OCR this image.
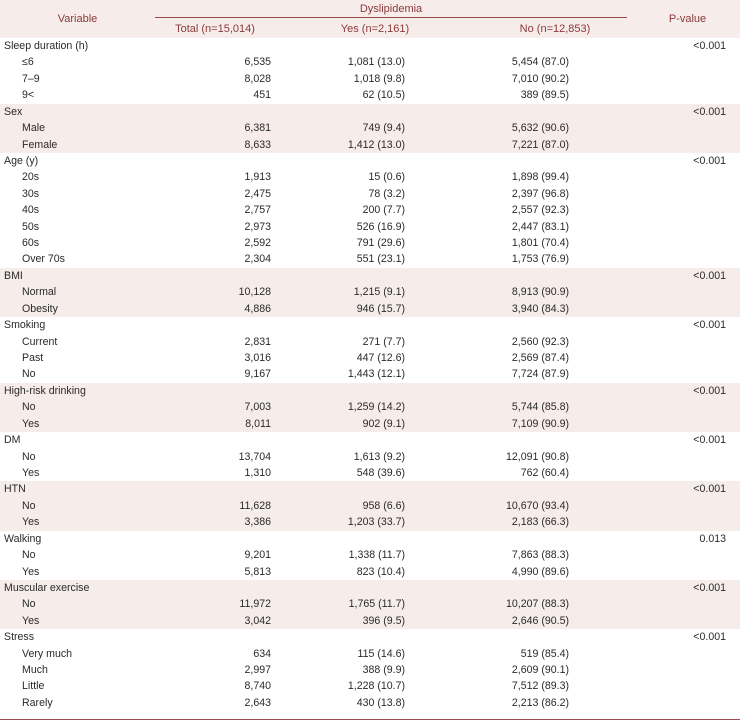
Variable	Dyslipidemia			P-value
	Total (n=15,014)	Yes (n=2,161)	No (n=12,853)	
Sleep duration (h)				<0.001
≤6	6,535	1,081 (13.0)	5,454 (87.0)	
7–9	8,028	1,018 (9.8)	7,010 (90.2)	
9<	451	62 (10.5)	389 (89.5)	
Sex				<0.001
Male	6,381	749 (9.4)	5,632 (90.6)	
Female	8,633	1,412 (13.0)	7,221 (87.0)	
Age (y)				<0.001
20s	1,913	15 (0.6)	1,898 (99.4)	
30s	2,475	78 (3.2)	2,397 (96.8)	
40s	2,757	200 (7.7)	2,557 (92.3)	
50s	2,973	526 (16.9)	2,447 (83.1)	
60s	2,592	791 (29.6)	1,801 (70.4)	
Over 70s	2,304	551 (23.1)	1,753 (76.9)	
BMI				<0.001
Normal	10,128	1,215 (9.1)	8,913 (90.9)	
Obesity	4,886	946 (15.7)	3,940 (84.3)	
Smoking				<0.001
Current	2,831	271 (7.7)	2,560 (92.3)	
Past	3,016	447 (12.6)	2,569 (87.4)	
No	9,167	1,443 (12.1)	7,724 (87.9)	
High-risk drinking				<0.001
No	7,003	1,259 (14.2)	5,744 (85.8)	
Yes	8,011	902 (9.1)	7,109 (90.9)	
DM				<0.001
No	13,704	1,613 (9.2)	12,091 (90.8)	
Yes	1,310	548 (39.6)	762 (60.4)	
HTN				<0.001
No	11,628	958 (6.6)	10,670 (93.4)	
Yes	3,386	1,203 (33.7)	2,183 (66.3)	
Walking				0.013
No	9,201	1,338 (11.7)	7,863 (88.3)	
Yes	5,813	823 (10.4)	4,990 (89.6)	
Muscular exercise				<0.001
No	11,972	1,765 (11.7)	10,207 (88.3)	
Yes	3,042	396 (9.5)	2,646 (90.5)	
Stress				<0.001
Very much	634	115 (14.6)	519 (85.4)	
Much	2,997	388 (9.9)	2,609 (90.1)	
Little	8,740	1,228 (10.7)	7,512 (89.3)	
Rarely	2,643	430 (13.8)	2,213 (86.2)	
